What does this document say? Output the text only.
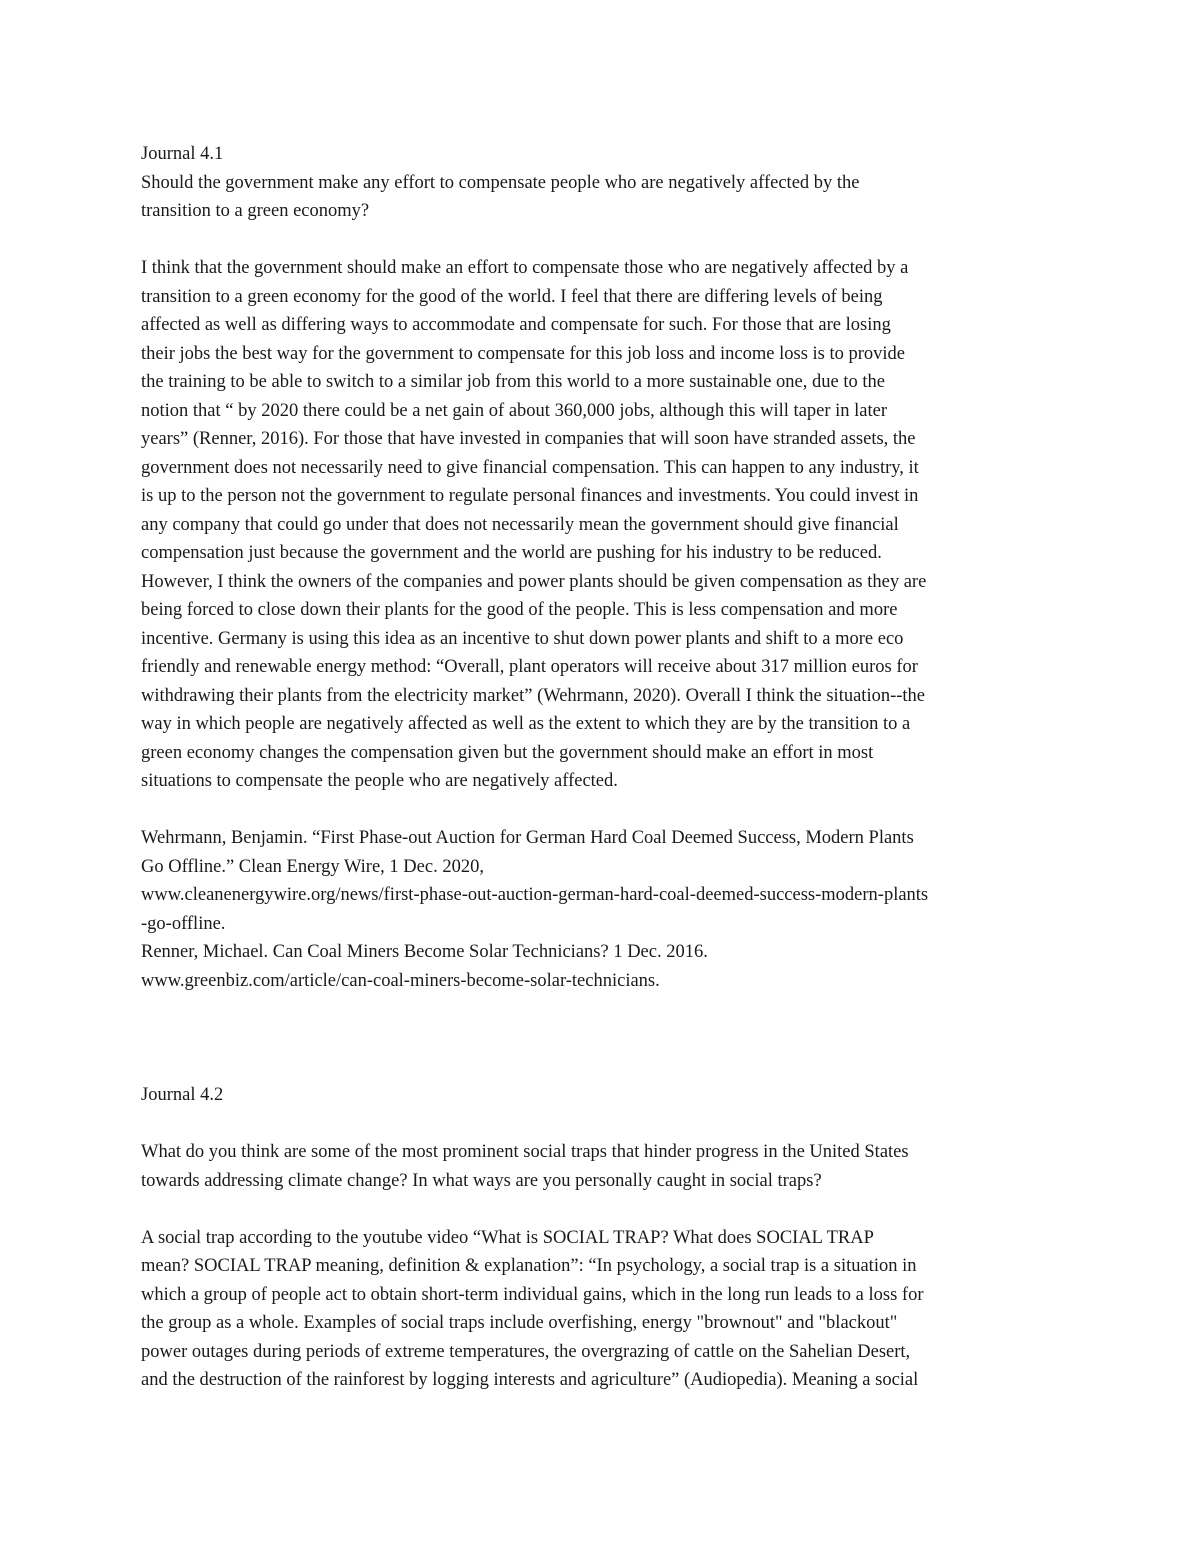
Journal 4.1
Should the government make any effort to compensate people who are negatively affected by the
transition to a green economy?
I think that the government should make an effort to compensate those who are negatively affected by a
transition to a green economy for the good of the world. I feel that there are differing levels of being
affected as well as differing ways to accommodate and compensate for such. For those that are losing
their jobs the best way for the government to compensate for this job loss and income loss is to provide
the training to be able to switch to a similar job from this world to a more sustainable one, due to the
notion that “ by 2020 there could be a net gain of about 360,000 jobs, although this will taper in later
years” (Renner, 2016). For those that have invested in companies that will soon have stranded assets, the
government does not necessarily need to give financial compensation. This can happen to any industry, it
is up to the person not the government to regulate personal finances and investments. You could invest in
any company that could go under that does not necessarily mean the government should give financial
compensation just because the government and the world are pushing for his industry to be reduced.
However, I think the owners of the companies and power plants should be given compensation as they are
being forced to close down their plants for the good of the people. This is less compensation and more
incentive. Germany is using this idea as an incentive to shut down power plants and shift to a more eco
friendly and renewable energy method: “Overall, plant operators will receive about 317 million euros for
withdrawing their plants from the electricity market” (Wehrmann, 2020). Overall I think the situation--the
way in which people are negatively affected as well as the extent to which they are by the transition to a
green economy changes the compensation given but the government should make an effort in most
situations to compensate the people who are negatively affected.
Wehrmann, Benjamin. “First Phase-out Auction for German Hard Coal Deemed Success, Modern Plants
Go Offline.” Clean Energy Wire, 1 Dec. 2020,
www.cleanenergywire.org/news/first-phase-out-auction-german-hard-coal-deemed-success-modern-plants
-go-offline.
Renner, Michael. Can Coal Miners Become Solar Technicians? 1 Dec. 2016.
www.greenbiz.com/article/can-coal-miners-become-solar-technicians.
Journal 4.2
What do you think are some of the most prominent social traps that hinder progress in the United States
towards addressing climate change? In what ways are you personally caught in social traps?
A social trap according to the youtube video “What is SOCIAL TRAP? What does SOCIAL TRAP
mean? SOCIAL TRAP meaning, definition & explanation”: “In psychology, a social trap is a situation in
which a group of people act to obtain short-term individual gains, which in the long run leads to a loss for
the group as a whole. Examples of social traps include overfishing, energy "brownout" and "blackout"
power outages during periods of extreme temperatures, the overgrazing of cattle on the Sahelian Desert,
and the destruction of the rainforest by logging interests and agriculture” (Audiopedia). Meaning a social
